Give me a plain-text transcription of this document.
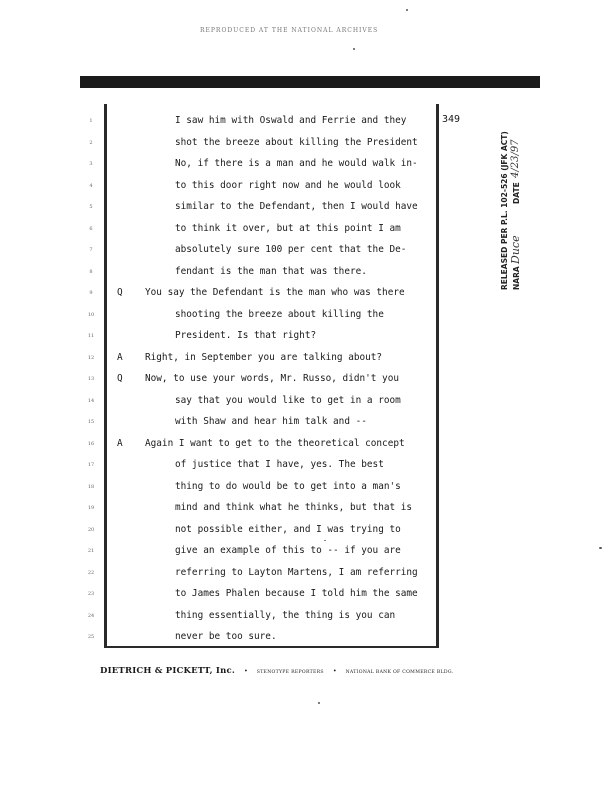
REPRODUCED AT THE NATIONAL ARCHIVES
349
1	I saw him with Oswald and Ferrie and they
2	shot the breeze about killing the President
3	No, if there is a man and he would walk in-
4	to this door right now and he would look
5	similar to the Defendant, then I would have
6	to think it over, but at this point I am
7	absolutely sure 100 per cent that the De-
8	fendant is the man that was there.
9	Q You say the Defendant is the man who was there
10	shooting the breeze about killing the
11	President. Is that right?
12	A Right, in September you are talking about?
13	Q Now, to use your words, Mr. Russo, didn't you
14	say that you would like to get in a room
15	with Shaw and hear him talk and --
16	A Again I want to get to the theoretical concept
17	of justice that I have, yes. The best
18	thing to do would be to get into a man's
19	mind and think what he thinks, but that is
20	not possible either, and I was trying to
21	give an example of this to -- if you are
22	referring to Layton Martens, I am referring
23	to James Phalen because I told him the same
24	thing essentially, the thing is you can
25	never be too sure.
DIETRICH & PICKETT, Inc. • STENOTYPE REPORTERS • NATIONAL BANK OF COMMERCE BLDG.
RELEASED PER P.L. 102-526 (JFK ACT) NARA
Duce
DATE
4/23/97
